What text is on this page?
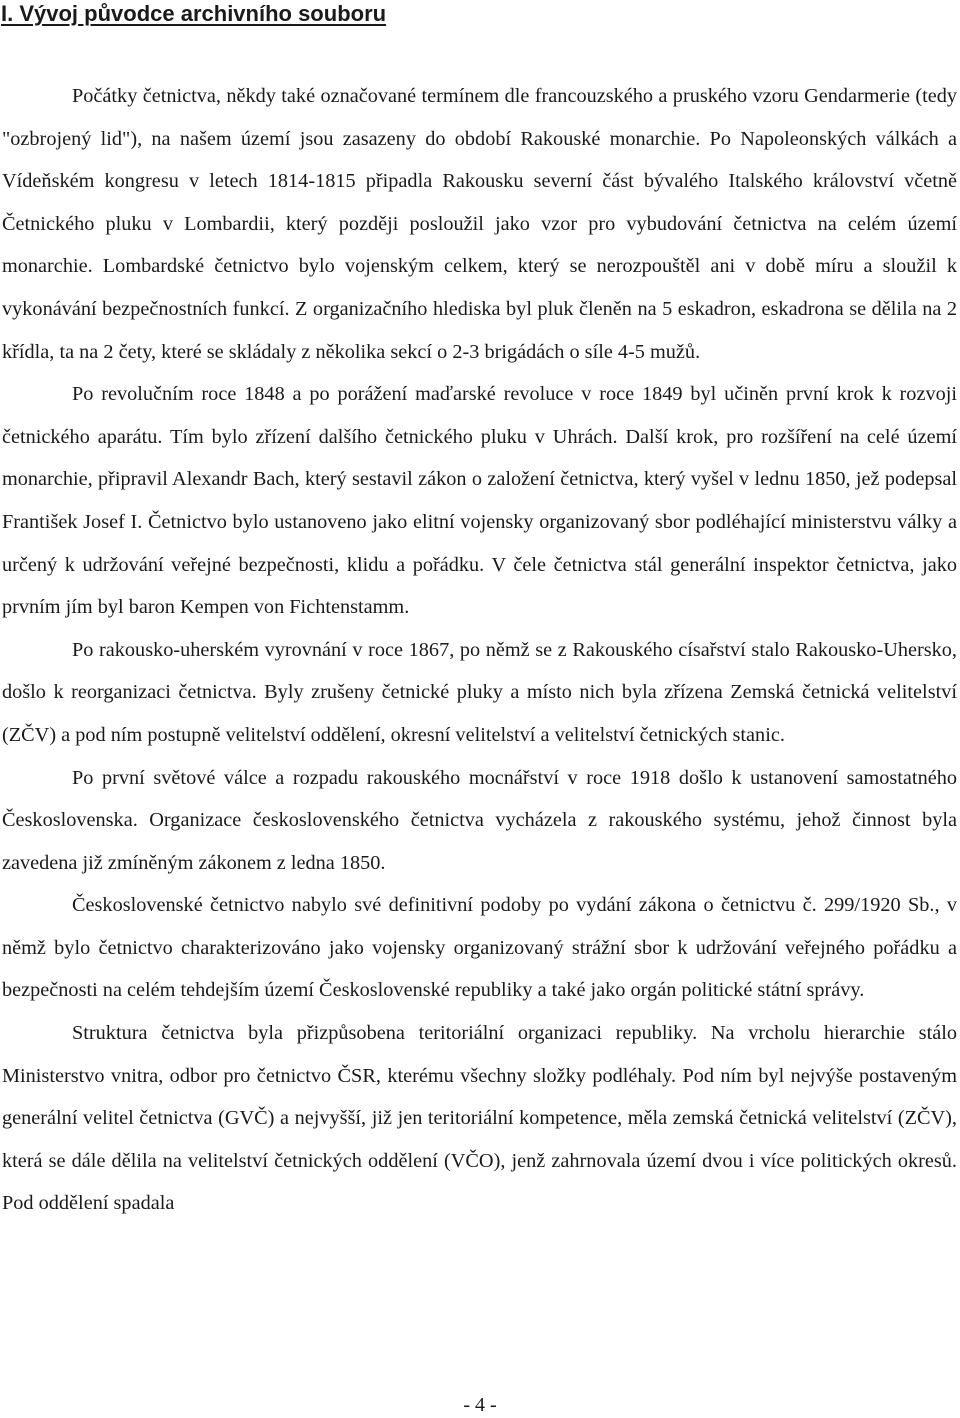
I. Vývoj původce archivního souboru

Počátky četnictva, někdy také označované termínem dle francouzského a pruského vzoru Gendarmerie (tedy "ozbrojený lid"), na našem území jsou zasazeny do období Rakouské monarchie. Po Napoleonských válkách a Vídeňském kongresu v letech 1814-1815 připadla Rakousku severní část bývalého Italského království včetně Četnického pluku v Lombardii, který později posloužil jako vzor pro vybudování četnictva na celém území monarchie. Lombardské četnictvo bylo vojenským celkem, který se nerozpouštěl ani v době míru a sloužil k vykonávání bezpečnostních funkcí. Z organizačního hlediska byl pluk členěn na 5 eskadron, eskadrona se dělila na 2 křídla, ta na 2 čety, které se skládaly z několika sekcí o 2-3 brigádách o síle 4-5 mužů.

Po revolučním roce 1848 a po porážení maďarské revoluce v roce 1849 byl učiněn první krok k rozvoji četnického aparátu. Tím bylo zřízení dalšího četnického pluku v Uhrách. Další krok, pro rozšíření na celé území monarchie, připravil Alexandr Bach, který sestavil zákon o založení četnictva, který vyšel v lednu 1850, jež podepsal František Josef I. Četnictvo bylo ustanoveno jako elitní vojensky organizovaný sbor podléhající ministerstvu války a určený k udržování veřejné bezpečnosti, klidu a pořádku. V čele četnictva stál generální inspektor četnictva, jako prvním jím byl baron Kempen von Fichtenstamm.

Po rakousko-uherském vyrovnání v roce 1867, po němž se z Rakouského císařství stalo Rakousko-Uhersko, došlo k reorganizaci četnictva. Byly zrušeny četnické pluky a místo nich byla zřízena Zemská četnická velitelství (ZČV) a pod ním postupně velitelství oddělení, okresní velitelství a velitelství četnických stanic.

Po první světové válce a rozpadu rakouského mocnářství v roce 1918 došlo k ustanovení samostatného Československa. Organizace československého četnictva vycházela z rakouského systému, jehož činnost byla zavedena již zmíněným zákonem z ledna 1850.

Československé četnictvo nabylo své definitivní podoby po vydání zákona o četnictvu č. 299/1920 Sb., v němž bylo četnictvo charakterizováno jako vojensky organizovaný strážní sbor k udržování veřejného pořádku a bezpečnosti na celém tehdejším území Československé republiky a také jako orgán politické státní správy.

Struktura četnictva byla přizpůsobena teritoriální organizaci republiky. Na vrcholu hierarchie stálo Ministerstvo vnitra, odbor pro četnictvo ČSR, kterému všechny složky podléhaly. Pod ním byl nejvýše postaveným generální velitel četnictva (GVČ) a nejvyšší, již jen teritoriální kompetence, měla zemská četnická velitelství (ZČV), která se dále dělila na velitelství četnických oddělení (VČO), jenž zahrnovala území dvou i více politických okresů. Pod oddělení spadala

- 4 -
